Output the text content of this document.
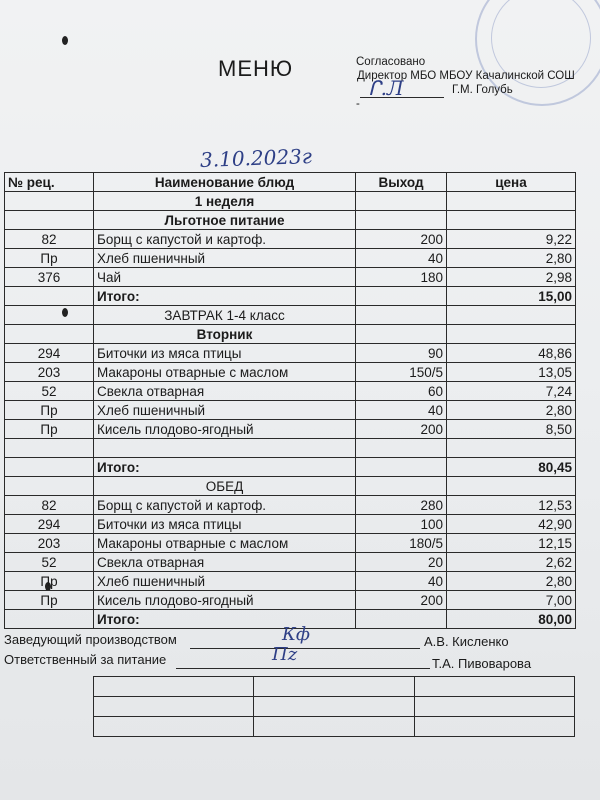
МЕНЮ	Согласовано
Директор МБО МБОУ Качалинской СОШ
ᒋ.Л	Г.М. Голубь
-
3.10.2023г
№ рец.	Наименование блюд	Выход	цена
	1 неделя		
	Льготное питание		
82	Борщ с капустой и картоф.	200	9,22
Пр	Хлеб пшеничный	40	2,80
376	Чай	180	2,98
	Итого:		15,00
	ЗАВТРАК 1-4 класс		
	Вторник		
294	Биточки из мяса птицы	90	48,86
203	Макароны отварные с маслом	150/5	13,05
52	Свекла отварная	60	7,24
Пр	Хлеб пшеничный	40	2,80
Пр	Кисель плодово-ягодный	200	8,50

	Итого:		80,45
	ОБЕД		
82	Борщ с капустой и картоф.	280	12,53
294	Биточки из мяса птицы	100	42,90
203	Макароны отварные с маслом	180/5	12,15
52	Свекла отварная	20	2,62
Пр	Хлеб пшеничный	40	2,80
Пр	Кисель плодово-ягодный	200	7,00
	Итого:		80,00
Заведующий производством	Кф	А.В. Кисленко
Ответственный за питание	Пz	Т.А. Пивоварова
